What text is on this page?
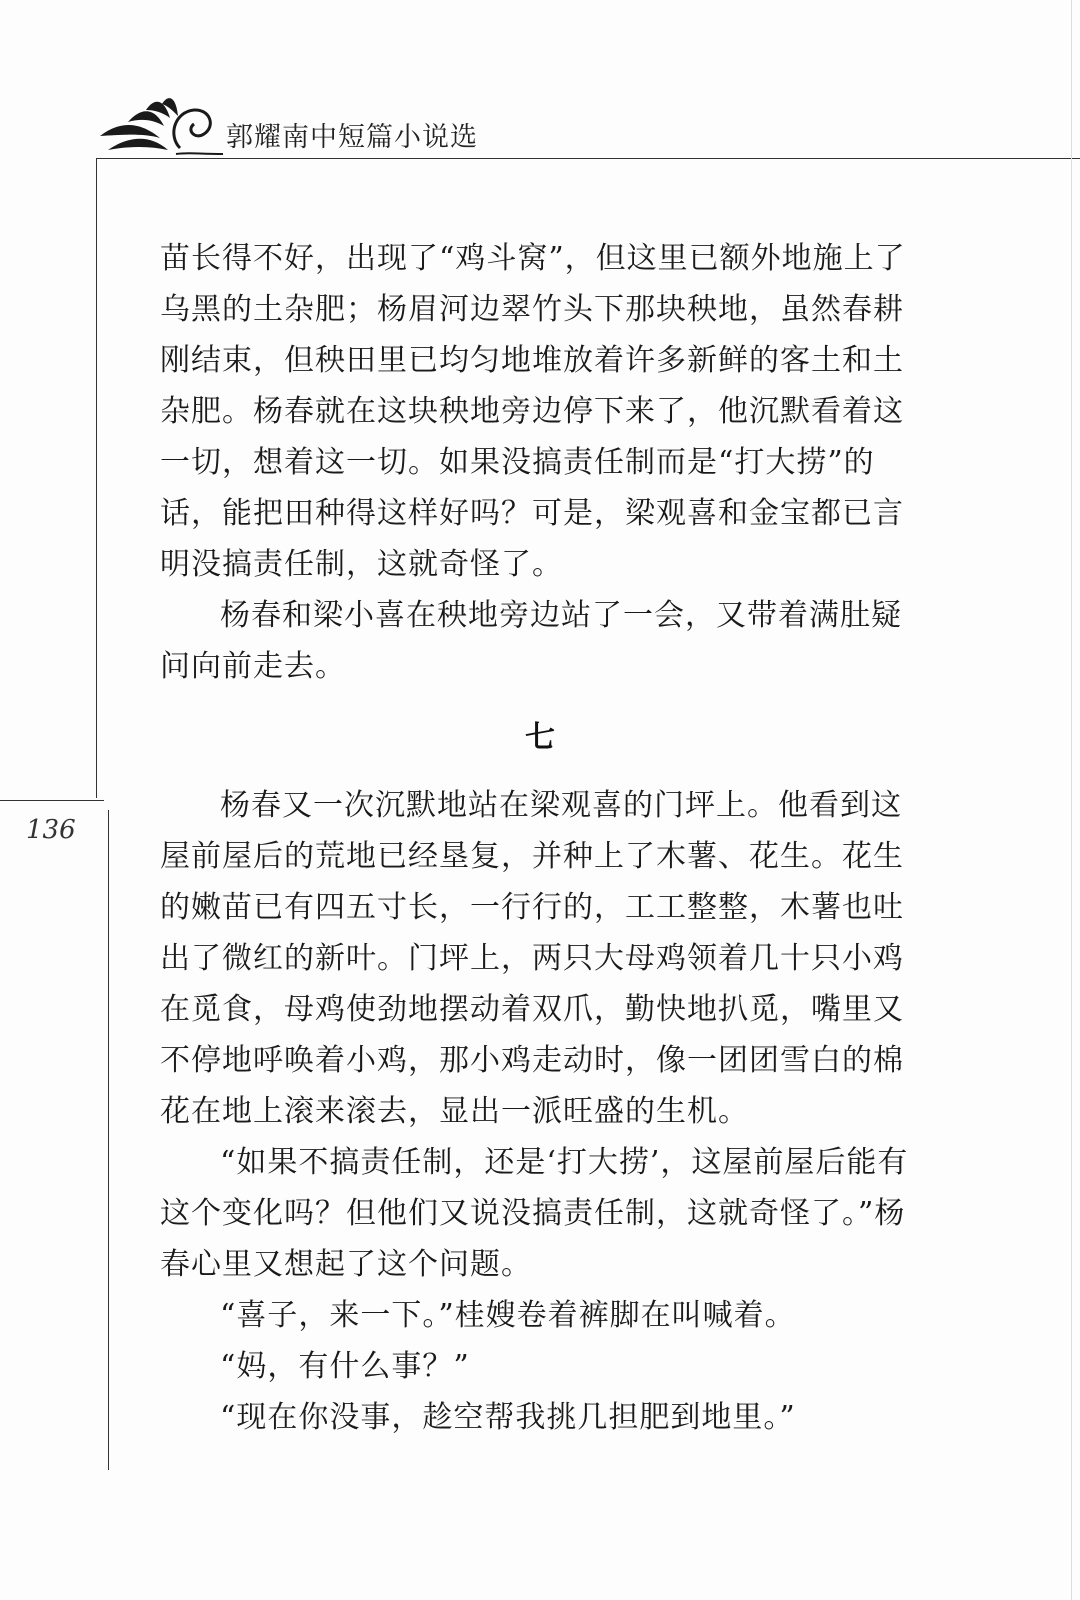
郭耀南中短篇小说选
136

苗长得不好，出现了“鸡斗窝”，但这里已额外地施上了乌黑的土杂肥；杨眉河边翠竹头下那块秧地，虽然春耕刚结束，但秧田里已均匀地堆放着许多新鲜的客土和土杂肥。杨春就在这块秧地旁边停下来了，他沉默看着这一切，想着这一切。如果没搞责任制而是“打大捞”的话，能把田种得这样好吗？可是，梁观喜和金宝都已言明没搞责任制，这就奇怪了。

杨春和梁小喜在秧地旁边站了一会，又带着满肚疑问向前走去。

七

杨春又一次沉默地站在梁观喜的门坪上。他看到这屋前屋后的荒地已经垦复，并种上了木薯、花生。花生的嫩苗已有四五寸长，一行行的，工工整整，木薯也吐出了微红的新叶。门坪上，两只大母鸡领着几十只小鸡在觅食，母鸡使劲地摆动着双爪，勤快地扒觅，嘴里又不停地呼唤着小鸡，那小鸡走动时，像一团团雪白的棉花在地上滚来滚去，显出一派旺盛的生机。

“如果不搞责任制，还是‘打大捞’，这屋前屋后能有这个变化吗？但他们又说没搞责任制，这就奇怪了。”杨春心里又想起了这个问题。

“喜子，来一下。”桂嫂卷着裤脚在叫喊着。

“妈，有什么事？”

“现在你没事，趁空帮我挑几担肥到地里。”
